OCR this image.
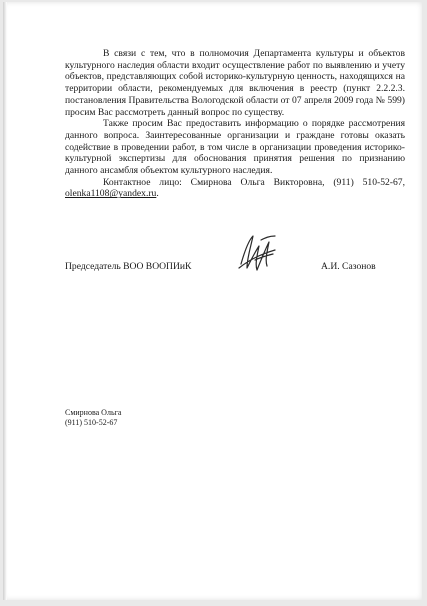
В связи с тем, что в полномочия Департамента культуры и объектов культурного наследия области входит осуществление работ по выявлению и учету объектов, представляющих собой историко-культурную ценность, находящихся на территории области, рекомендуемых для включения в реестр (пункт 2.2.2.3. постановления Правительства Вологодской области от 07 апреля 2009 года № 599) просим Вас рассмотреть данный вопрос по существу.

Также просим Вас предоставить информацию о порядке рассмотрения данного вопроса. Заинтересованные организации и граждане готовы оказать содействие в проведении работ, в том числе в организации проведения историко-культурной экспертизы для обоснования принятия решения по признанию данного ансамбля объектом культурного наследия.

Контактное лицо: Смирнова Ольга Викторовна, (911) 510-52-67, olenka1108@yandex.ru.

Председатель ВОО ВООПИиК	А.И. Сазонов
Смирнова Ольга
(911) 510-52-67
